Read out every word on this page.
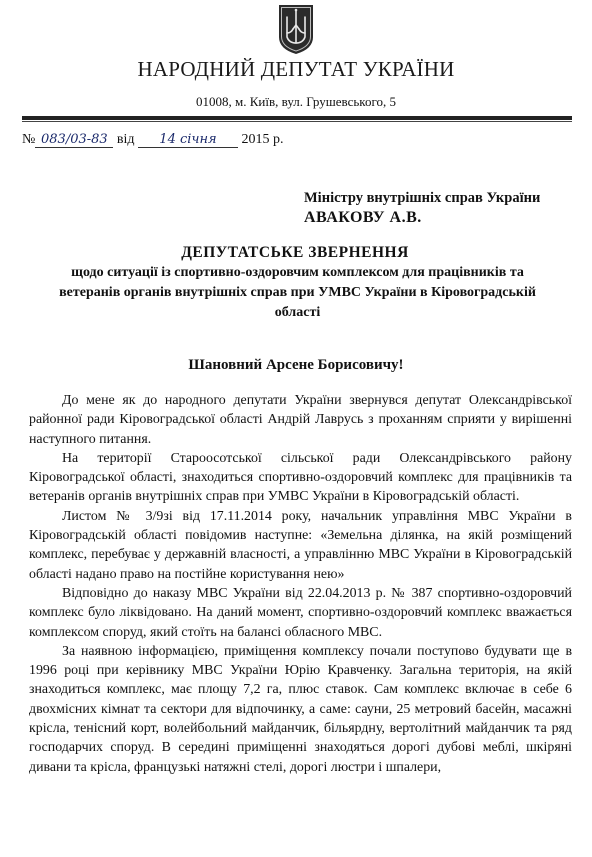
НАРОДНИЙ ДЕПУТАТ УКРАЇНИ
01008, м. Київ, вул. Грушевського, 5
№ 083/03-83 від 14 січня 2015 р.
Міністру внутрішніх справ України
АВАКОВУ А.В.
ДЕПУТАТСЬКЕ ЗВЕРНЕННЯ
щодо ситуації із спортивно-оздоровчим комплексом для працівників та ветеранів органів внутрішніх справ при УМВС України в Кіровоградській області
Шановний Арсене Борисовичу!

До мене як до народного депутати України звернувся депутат Олександрівської районної ради Кіровоградської області Андрій Лаврусь з проханням сприяти у вирішенні наступного питання.

На території Староосотської сільської ради Олександрівського району Кіровоградської області, знаходиться спортивно-оздоровчий комплекс для працівників та ветеранів органів внутрішніх справ при УМВС України в Кіровоградській області.

Листом № 3/9зі від 17.11.2014 року, начальник управління МВС України в Кіровоградській області повідомив наступне: «Земельна ділянка, на якій розміщений комплекс, перебуває у державній власності, а управлінню МВС України в Кіровоградській області надано право на постійне користування нею»

Відповідно до наказу МВС України від 22.04.2013 р. № 387 спортивно-оздоровчий комплекс було ліквідовано. На даний момент, спортивно-оздоровчий комплекс вважається комплексом споруд, який стоїть на балансі обласного МВС.

За наявною інформацією, приміщення комплексу почали поступово будувати ще в 1996 році при керівнику МВС України Юрію Кравченку. Загальна територія, на якій знаходиться комплекс, має площу 7,2 га, плюс ставок. Сам комплекс включає в себе 6 двохмісних кімнат та сектори для відпочинку, а саме: сауни, 25 метровий басейн, масажні крісла, тенісний корт, волейбольний майданчик, більярдну, вертолітний майданчик та ряд господарчих споруд. В середині приміщенні знаходяться дорогі дубові меблі, шкіряні дивани та крісла, французькі натяжні стелі, дорогі люстри і шпалери,
